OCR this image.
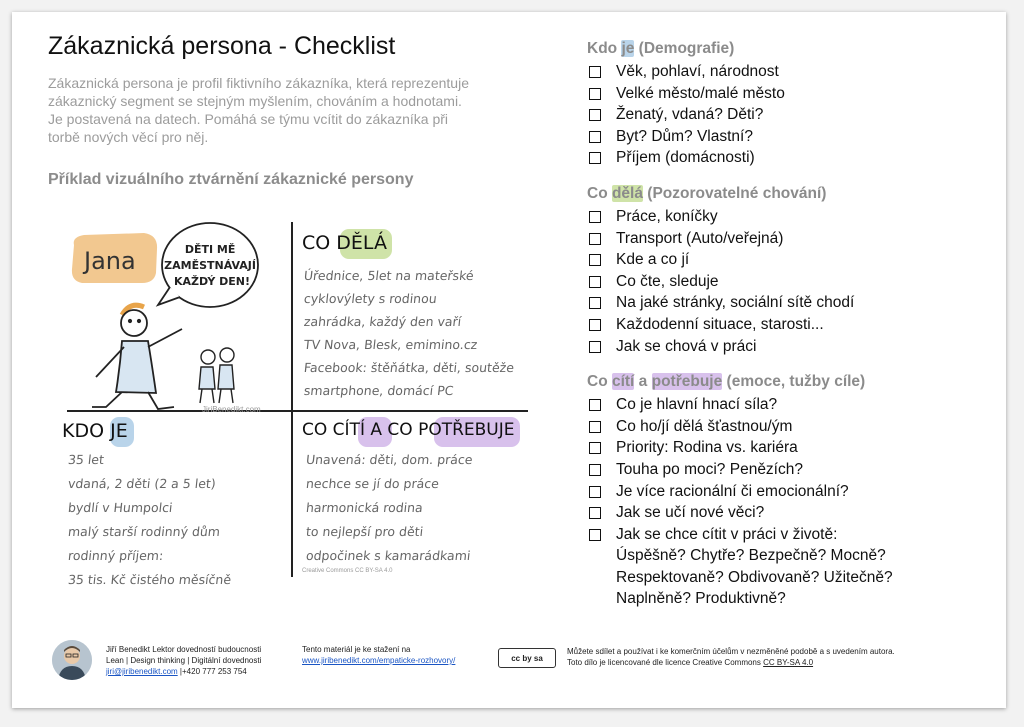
Zákaznická persona - Checklist
Zákaznická persona je profil fiktivního zákazníka, která reprezentuje zákaznický segment se stejným myšlením, chováním a hodnotami. Je postavená na datech. Pomáhá se týmu vcítit do zákazníka při torbě nových věcí pro něj.
Příklad vizuálního ztvárnění zákaznické persony
Jana	DĚTI MĚ ZAMĚSTNÁVAJÍ KAŽDÝ DEN!
CO DĚLÁ
KDO JE	CO CÍTÍ A CO POTŘEBUJE
Úřednice, 5let na mateřské
cyklovýlety s rodinou
zahrádka, každý den vaří
TV Nova, Blesk, emimino.cz
Facebook: štěňátka, děti, soutěže
smartphone, domácí PC
35 let
vdaná, 2 děti (2 a 5 let)
bydlí v Humpolci
malý starší rodinný dům
rodinný příjem:
35 tis. Kč čistého měsíčně
Unavená: děti, dom. práce
nechce se jí do práce
harmonická rodina
to nejlepší pro děti
odpočinek s kamarádkami
JiriBenedikt.com
Creative Commons CC BY-SA 4.0
Kdo je (Demografie)
Věk, pohlaví, národnost
Velké město/malé město
Ženatý, vdaná? Děti?
Byt? Dům? Vlastní?
Příjem (domácnosti)
Co dělá (Pozorovatelné chování)
Práce, koníčky
Transport (Auto/veřejná)
Kde a co jí
Co čte, sleduje
Na jaké stránky, sociální sítě chodí
Každodenní situace, starosti...
Jak se chová v práci
Co cítí a potřebuje (emoce, tužby cíle)
Co je hlavní hnací síla?
Co ho/jí dělá šťastnou/ým
Priority: Rodina vs. kariéra
Touha po moci? Penězích?
Je více racionální či emocionální?
Jak se učí nové věci?
Jak se chce cítit v práci v životě:
Úspěšně? Chytře? Bezpečně? Mocně?
Respektovaně? Obdivovaně? Užitečně?
Naplněně? Produktivně?
Jiří Benedikt Lektor dovedností budoucnosti
Lean | Design thinking | Digitální dovednosti
jiri@jiribenedikt.com |+420 777 253 754
Tento materiál je ke stažení na
www.jiribenedikt.com/empaticke-rozhovory/	cc by sa
Můžete sdílet a používat i ke komerčním účelům v nezměněné podobě a s uvedením autora.
Toto dílo je licencované dle licence Creative Commons CC BY-SA 4.0
